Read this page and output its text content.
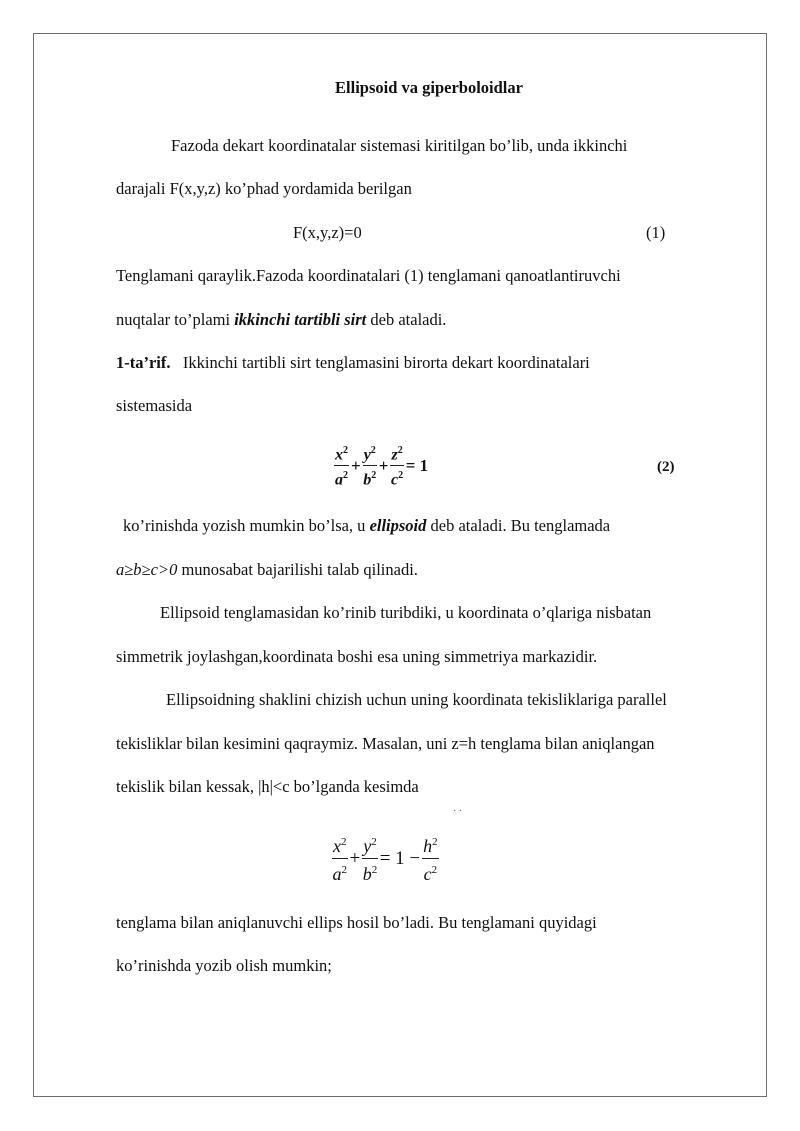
Ellipsoid va giperboloidlar
Fazoda dekart koordinatalar sistemasi kiritilgan bo’lib, unda ikkinchi
darajali F(x,y,z) ko’phad yordamida berilgan
F(x,y,z)=0	(1)
Tenglamani qaraylik.Fazoda koordinatalari (1) tenglamani qanoatlantiruvchi
nuqtalar to’plami ikkinchi tartibli sirt deb ataladi.
1-ta’rif.   Ikkinchi tartibli sirt tenglamasini birorta dekart koordinatalari
sistemasida
$\frac{x^2}{a^2} + \frac{y^2}{b^2} + \frac{z^2}{c^2} = 1$	(2)
ko’rinishda yozish mumkin bo’lsa, u ellipsoid deb ataladi. Bu tenglamada
a≥b≥c>0 munosabat bajarilishi talab qilinadi.
Ellipsoid tenglamasidan ko’rinib turibdiki, u koordinata o’qlariga nisbatan
simmetrik joylashgan,koordinata boshi esa uning simmetriya markazidir.
Ellipsoidning shaklini chizish uchun uning koordinata tekisliklariga parallel
tekisliklar bilan kesimini qaqraymiz. Masalan, uni z=h tenglama bilan aniqlangan
tekislik bilan kessak, |h|<c bo’lganda kesimda
· ·
$\frac{x^2}{a^2} + \frac{y^2}{b^2} = 1 - \frac{h^2}{c^2}$
tenglama bilan aniqlanuvchi ellips hosil bo’ladi. Bu tenglamani quyidagi
ko’rinishda yozib olish mumkin;
